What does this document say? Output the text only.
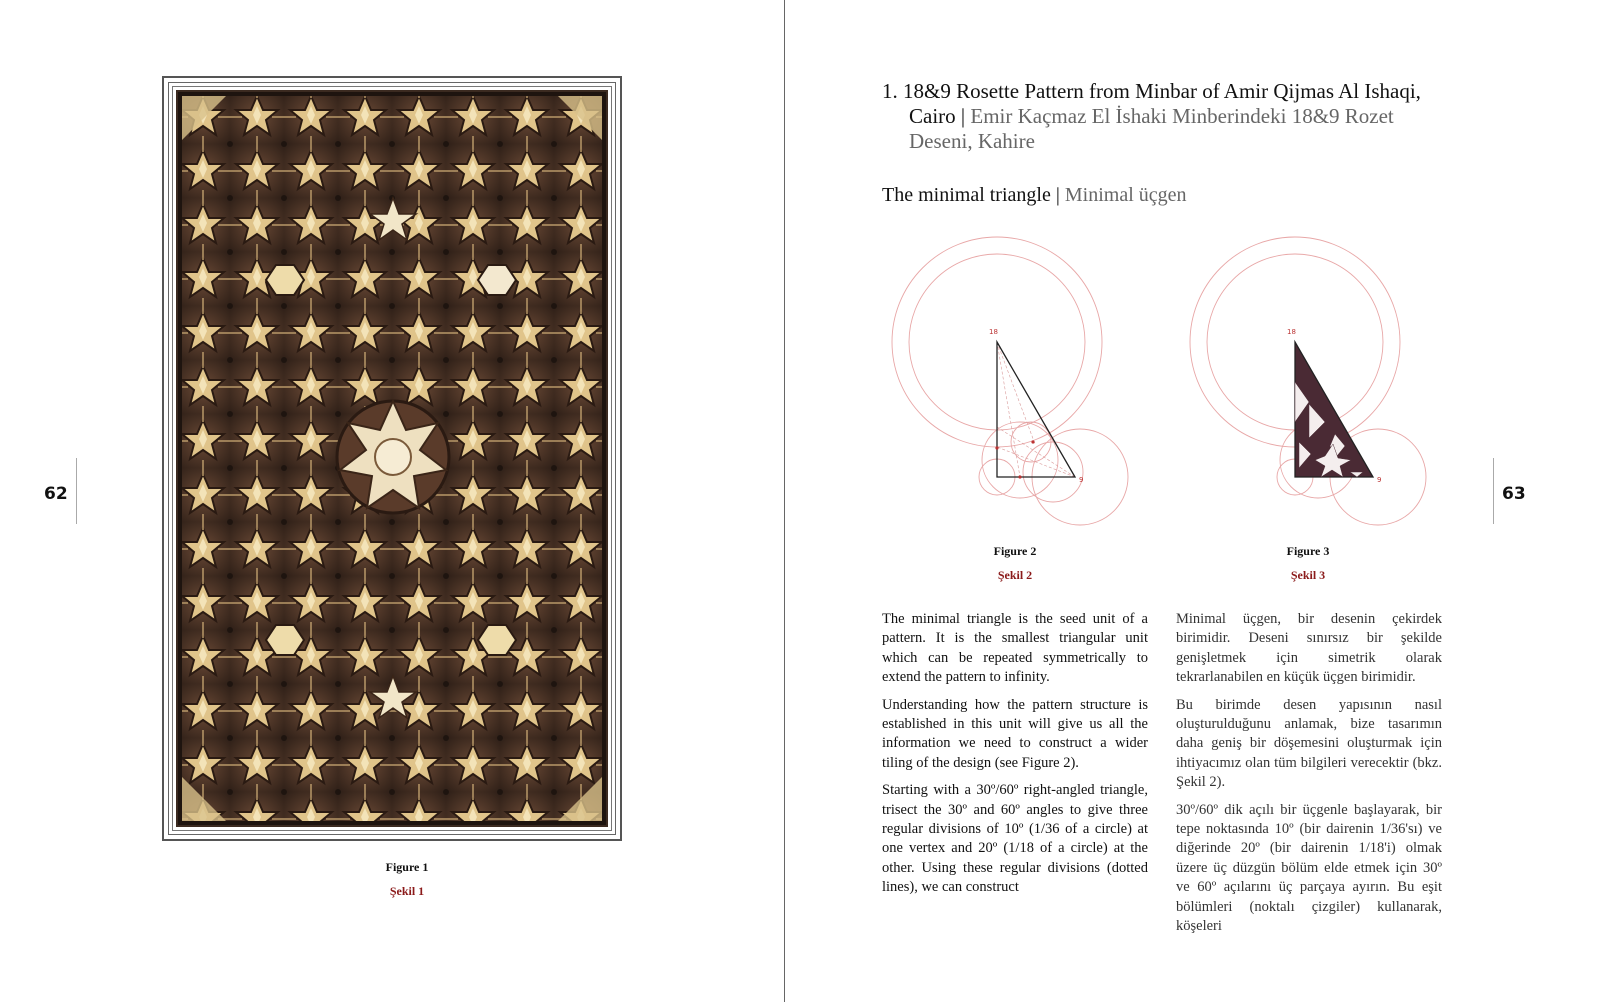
62	63
Figure 1
Şekil 1
1. 18&9 Rosette Pattern from Minbar of Amir Qijmas Al Ishaqi,
Cairo | Emir Kaçmaz El İshaki Minberindeki 18&9 Rozet
Deseni, Kahire
The minimal triangle | Minimal üçgen
18
9
18
9
Figure 2
Şekil 2
Figure 3
Şekil 3

The minimal triangle is the seed unit of a pattern. It is the smallest triangular unit which can be repeated symmetrically to extend the pattern to infinity.

Understanding how the pattern structure is established in this unit will give us all the information we need to construct a wider tiling of the design (see Figure 2).

Starting with a 30º/60º right-angled triangle, trisect the 30º and 60º angles to give three regular divisions of 10º (1/36 of a circle) at one vertex and 20º (1/18 of a circle) at the other. Using these regular divisions (dotted lines), we can construct

Minimal üçgen, bir desenin çekirdek birimidir. Deseni sınırsız bir şekilde genişletmek için simetrik olarak tekrarlanabilen en küçük üçgen birimidir.

Bu birimde desen yapısının nasıl oluşturulduğunu anlamak, bize tasarımın daha geniş bir döşemesini oluşturmak için ihtiyacımız olan tüm bilgileri verecektir (bkz. Şekil 2).

30º/60º dik açılı bir üçgenle başlayarak, bir tepe noktasında 10º (bir dairenin 1/36'sı) ve diğerinde 20º (bir dairenin 1/18'i) olmak üzere üç düzgün bölüm elde etmek için 30º ve 60º açılarını üç parçaya ayırın. Bu eşit bölümleri (noktalı çizgiler) kullanarak, köşeleri
